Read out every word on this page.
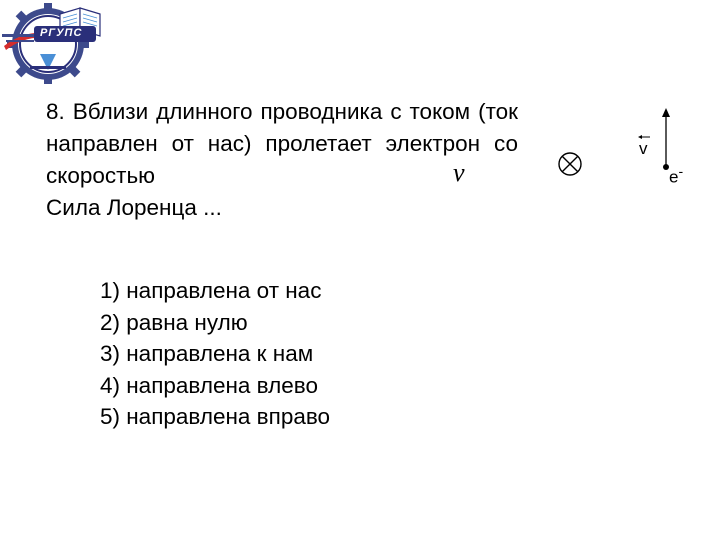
РГУПС

8. Вблизи длинного проводника с током (ток направлен от нас) пролетает электрон со скоростью

Сила Лоренца ...

v
1) направлена от нас
2) равна нулю
3) направлена к нам
4) направлена влево
5) направлена вправо
v
e-
